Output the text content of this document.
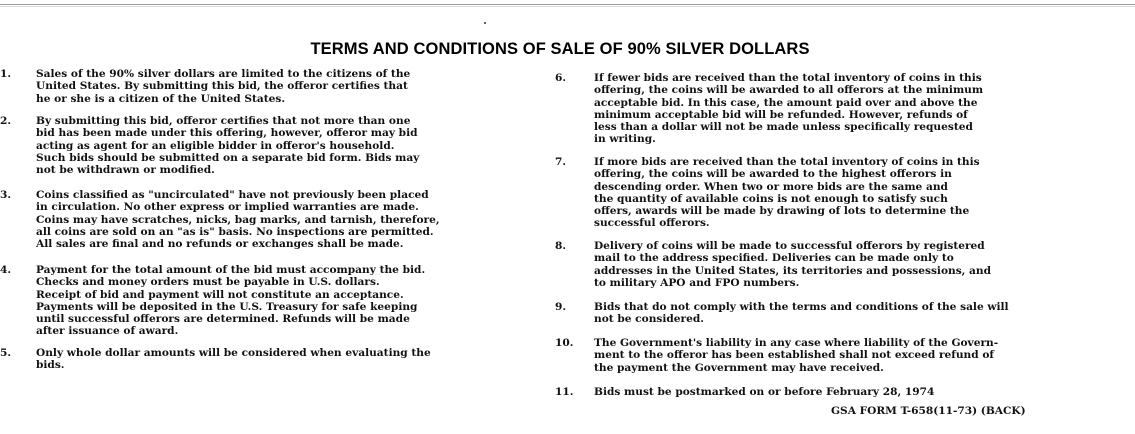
TERMS AND CONDITIONS OF SALE OF 90% SILVER DOLLARS
1.	Sales of the 90% silver dollars are limited to the citizens of the
United States. By submitting this bid, the offeror certifies that
he or she is a citizen of the United States.
2.	By submitting this bid, offeror certifies that not more than one
bid has been made under this offering, however, offeror may bid
acting as agent for an eligible bidder in offeror's household.
Such bids should be submitted on a separate bid form. Bids may
not be withdrawn or modified.
3.	Coins classified as "uncirculated" have not previously been placed
in circulation. No other express or implied warranties are made.
Coins may have scratches, nicks, bag marks, and tarnish, therefore,
all coins are sold on an "as is" basis. No inspections are permitted.
All sales are final and no refunds or exchanges shall be made.
4.	Payment for the total amount of the bid must accompany the bid.
Checks and money orders must be payable in U.S. dollars.
Receipt of bid and payment will not constitute an acceptance.
Payments will be deposited in the U.S. Treasury for safe keeping
until successful offerors are determined. Refunds will be made
after issuance of award.
5.	Only whole dollar amounts will be considered when evaluating the
bids.
6.	If fewer bids are received than the total inventory of coins in this
offering, the coins will be awarded to all offerors at the minimum
acceptable bid. In this case, the amount paid over and above the
minimum acceptable bid will be refunded. However, refunds of
less than a dollar will not be made unless specifically requested
in writing.
7.	If more bids are received than the total inventory of coins in this
offering, the coins will be awarded to the highest offerors in
descending order. When two or more bids are the same and
the quantity of available coins is not enough to satisfy such
offers, awards will be made by drawing of lots to determine the
successful offerors.
8.	Delivery of coins will be made to successful offerors by registered
mail to the address specified. Deliveries can be made only to
addresses in the United States, its territories and possessions, and
to military APO and FPO numbers.
9.	Bids that do not comply with the terms and conditions of the sale will
not be considered.
10.	The Government's liability in any case where liability of the Govern-
ment to the offeror has been established shall not exceed refund of
the payment the Government may have received.
11.	Bids must be postmarked on or before February 28, 1974
GSA FORM T-658(11-73) (BACK)
